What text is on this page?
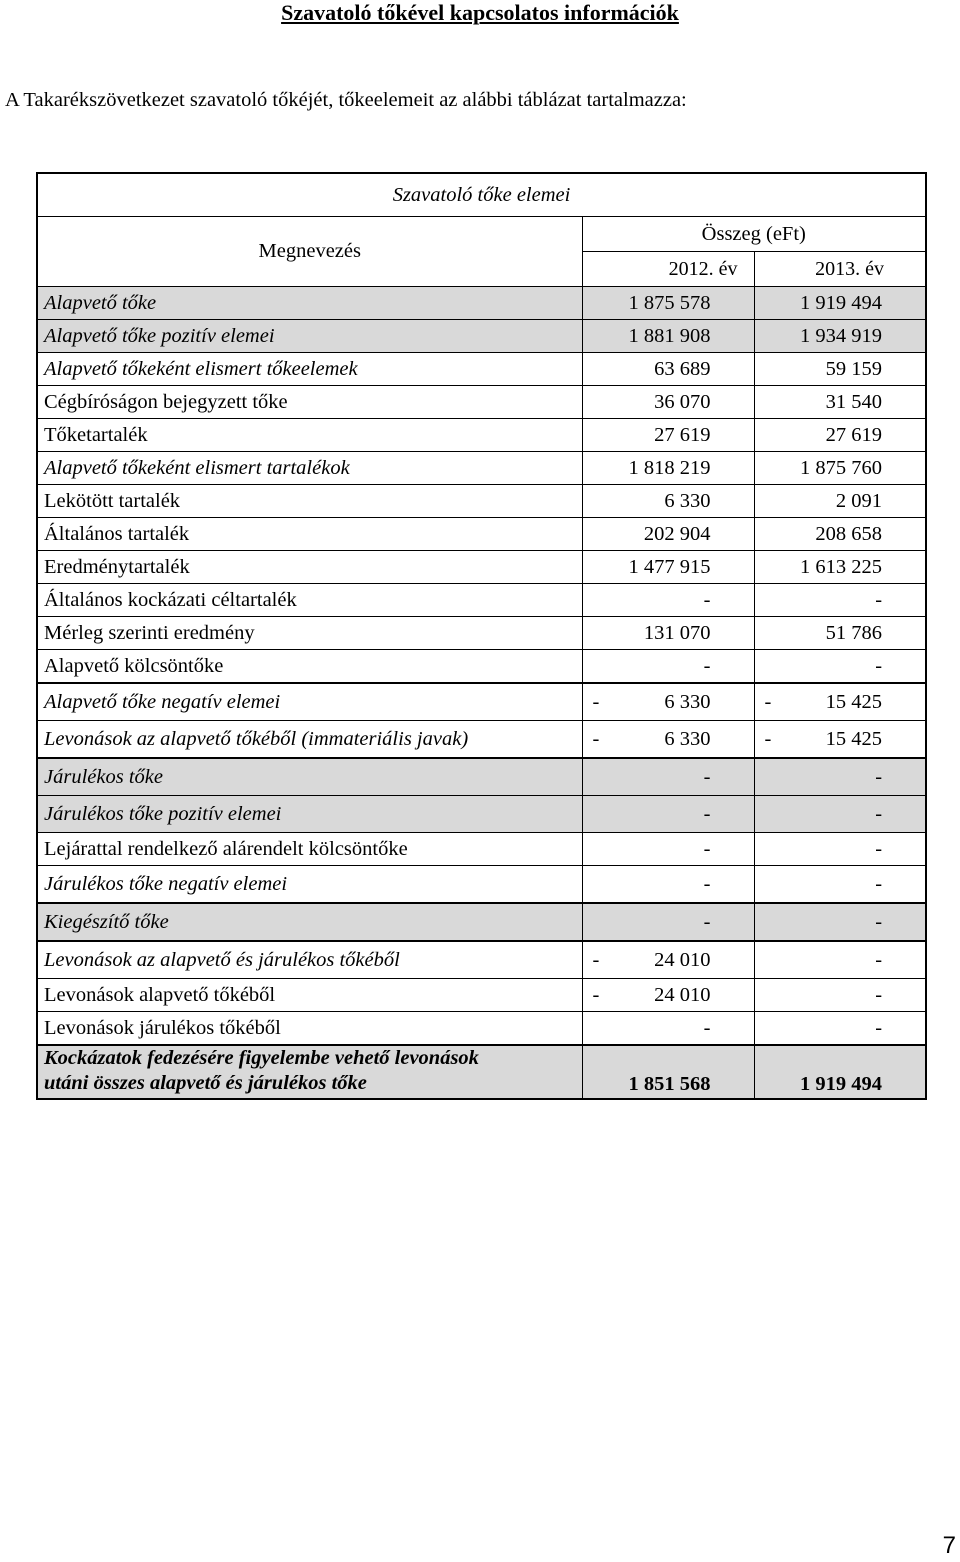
Szavatoló tőkével kapcsolatos információk
A Takarékszövetkezet szavatoló tőkéjét, tőkeelemeit az alábbi táblázat tartalmazza:
Szavatoló tőke elemei		
Megnevezés	Összeg (eFt)	
	2012. év	2013. év
Alapvető tőke	1 875 578	1 919 494
Alapvető tőke pozitív elemei	1 881 908	1 934 919
Alapvető tőkeként elismert tőkeelemek	63 689	59 159
Cégbíróságon bejegyzett tőke	36 070	31 540
Tőketartalék	27 619	27 619
Alapvető tőkeként elismert tartalékok	1 818 219	1 875 760
Lekötött tartalék	6 330	2 091
Általános tartalék	202 904	208 658
Eredménytartalék	1 477 915	1 613 225
Általános kockázati céltartalék	-	-
Mérleg szerinti eredmény	131 070	51 786
Alapvető kölcsöntőke	-	-
Alapvető tőke negatív elemei	- 6 330	- 15 425
Levonások az alapvető tőkéből (immateriális javak)	- 6 330	- 15 425
Járulékos tőke	-	-
Járulékos tőke pozitív elemei	-	-
Lejárattal rendelkező alárendelt kölcsöntőke	-	-
Járulékos tőke negatív elemei	-	-
Kiegészítő tőke	-	-
Levonások az alapvető és járulékos tőkéből	- 24 010	-
Levonások alapvető tőkéből	- 24 010	-
Levonások járulékos tőkéből	-	-

Kockázatok fedezésére figyelembe vehető levonások
utáni összes alapvető és járulékos tőke	1 851 568	1 919 494
7
